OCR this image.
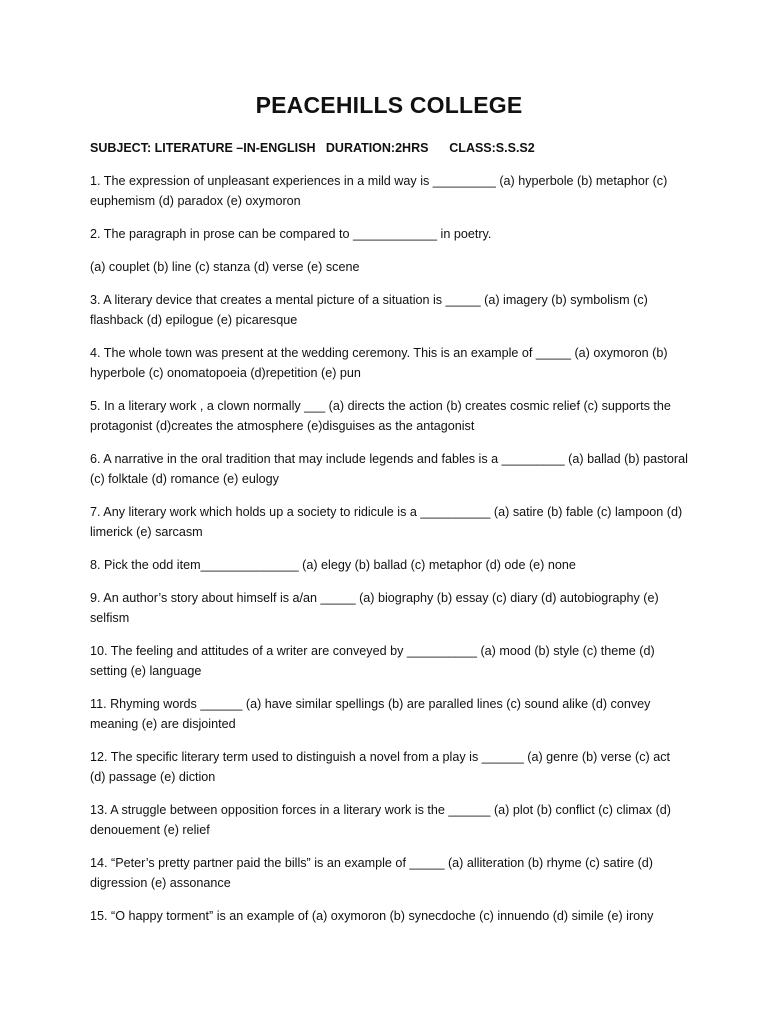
PEACEHILLS COLLEGE
SUBJECT: LITERATURE –IN-ENGLISH   DURATION:2HRS      CLASS:S.S.S2
1. The expression of unpleasant experiences in a mild way is _________ (a) hyperbole (b) metaphor (c) euphemism (d) paradox (e) oxymoron
2. The paragraph in prose can be compared to ____________ in poetry.
(a) couplet (b) line (c) stanza (d) verse (e) scene
3. A literary device that creates a mental picture of a situation is _____ (a) imagery (b) symbolism (c) flashback (d) epilogue (e) picaresque
4. The whole town was present at the wedding ceremony. This is an example of _____ (a) oxymoron (b) hyperbole (c) onomatopoeia (d)repetition (e) pun
5. In a literary work , a clown normally ___ (a) directs the action (b) creates cosmic relief (c) supports the protagonist (d)creates the atmosphere (e)disguises as the antagonist
6. A narrative in the oral tradition that may include legends and fables is a _________ (a) ballad (b) pastoral (c) folktale (d) romance (e) eulogy
7. Any literary work which holds up a society to ridicule is a __________ (a) satire (b) fable (c) lampoon (d) limerick (e) sarcasm
8. Pick the odd item______________ (a) elegy (b) ballad (c) metaphor (d) ode (e) none
9. An author’s story about himself is a/an _____ (a) biography (b) essay (c) diary (d) autobiography (e) selfism
10. The feeling and attitudes of a writer are conveyed by __________ (a) mood (b) style (c) theme (d) setting (e) language
11. Rhyming words ______ (a) have similar spellings (b) are paralled lines (c) sound alike (d) convey meaning (e) are disjointed
12. The specific literary term used to distinguish a novel from a play is ______ (a) genre (b) verse (c) act (d) passage (e) diction
13. A struggle between opposition forces in a literary work is the ______ (a) plot (b) conflict (c) climax (d) denouement (e) relief
14. “Peter’s pretty partner paid the bills” is an example of _____ (a) alliteration (b) rhyme (c) satire (d) digression (e) assonance
15. “O happy torment” is an example of (a) oxymoron (b) synecdoche (c) innuendo (d) simile (e) irony
